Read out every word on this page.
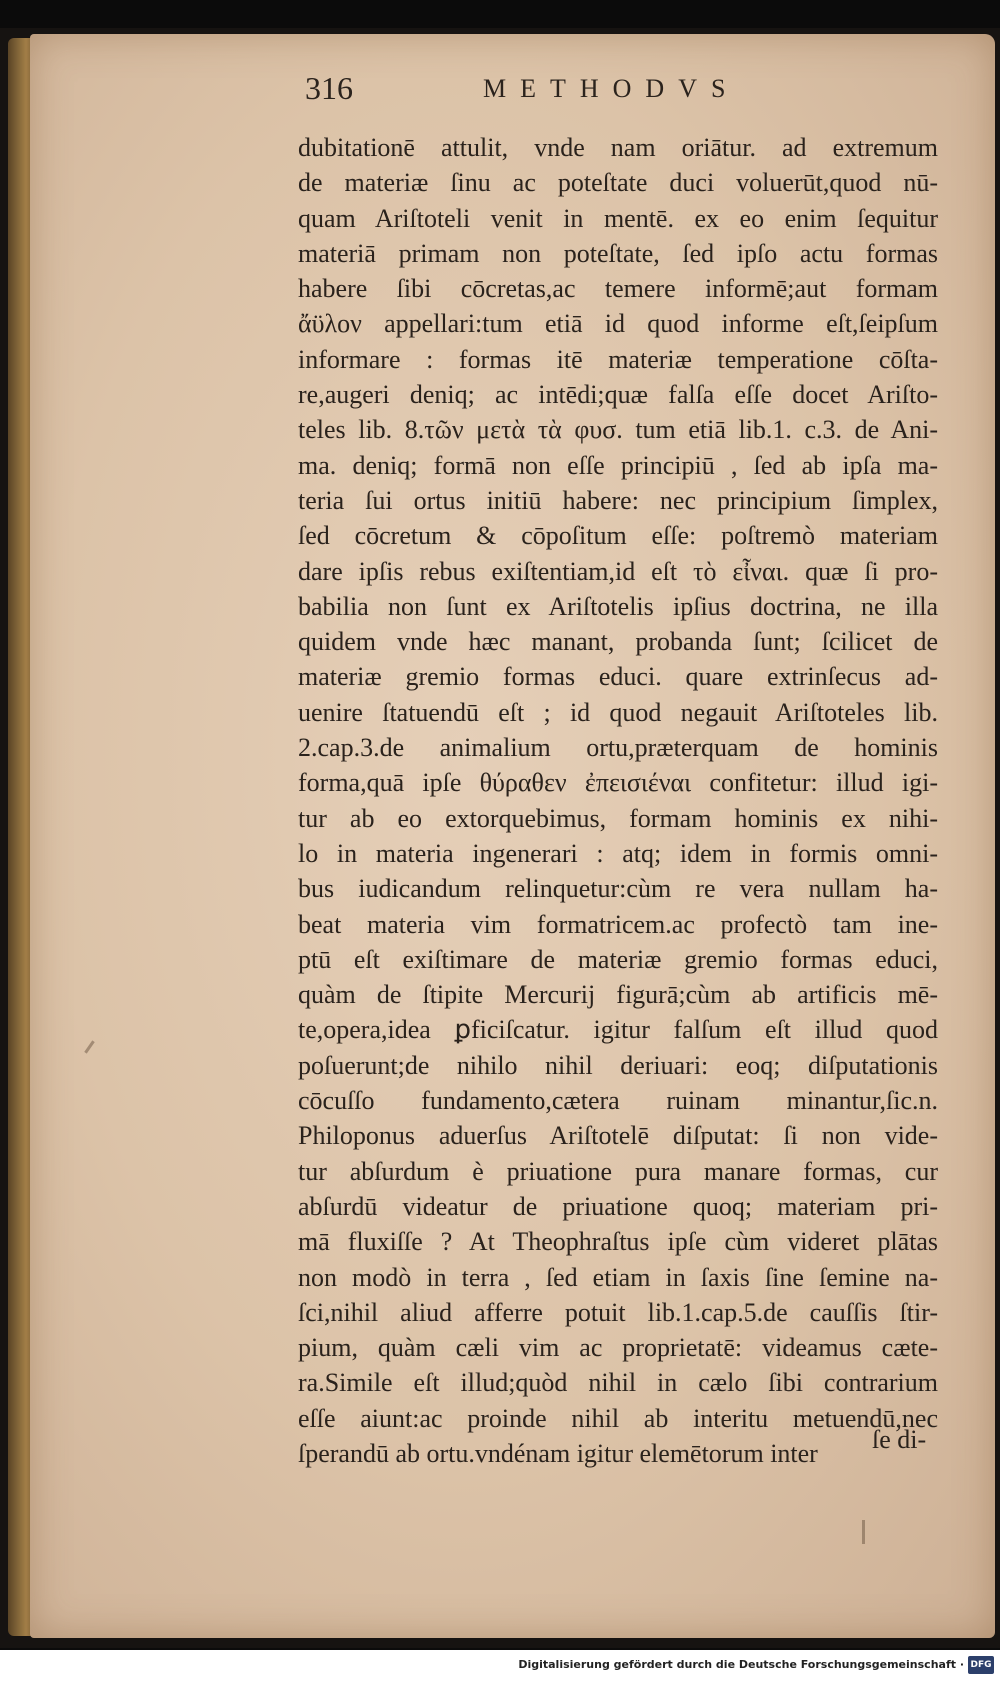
316	METHODVS
dubitationē attulit, vnde nam oriātur. ad extremum
de materiæ ſinu ac poteſtate duci voluerūt,quod nū-
quam Ariſtoteli venit in mentē. ex eo enim ſequitur
materiā primam non poteſtate, ſed ipſo actu formas
habere ſibi cōcretas,ac temere informē;aut formam
ἄϋλον appellari:tum etiā id quod informe eſt,ſeipſum
informare : formas itē materiæ temperatione cōſta-
re,augeri deniq; ac intēdi;quæ falſa eſſe docet Ariſto-
teles lib. 8.τῶν μετὰ τὰ φυσ. tum etiā lib.1. c.3. de Ani-
ma. deniq; formā non eſſe principiū , ſed ab ipſa ma-
teria ſui ortus initiū habere: nec principium ſimplex,
ſed cōcretum & cōpoſitum eſſe: poſtremò materiam
dare ipſis rebus exiſtentiam,id eſt τὸ εἶναι. quæ ſi pro-
babilia non ſunt ex Ariſtotelis ipſius doctrina, ne illa
quidem vnde hæc manant, probanda ſunt; ſcilicet de
materiæ gremio formas educi. quare extrinſecus ad-
uenire ſtatuendū eſt ; id quod negauit Ariſtoteles lib.
2.cap.3.de animalium ortu,præterquam de hominis
forma,quā ipſe θύραθεν ἐπεισιέναι confitetur: illud igi-
tur ab eo extorquebimus, formam hominis ex nihi-
lo in materia ingenerari : atq; idem in formis omni-
bus iudicandum relinquetur:cùm re vera nullam ha-
beat materia vim formatricem.ac profectò tam ine-
ptū eſt exiſtimare de materiæ gremio formas educi,
quàm de ſtipite Mercurij figurā;cùm ab artificis mē-
te,opera,idea ꝑficiſcatur. igitur falſum eſt illud quod
poſuerunt;de nihilo nihil deriuari: eoq; diſputationis
cōcuſſo fundamento,cætera ruinam minantur,ſic.n.
Philoponus aduerſus Ariſtotelē diſputat: ſi non vide-
tur abſurdum è priuatione pura manare formas, cur
abſurdū videatur de priuatione quoq; materiam pri-
mā fluxiſſe ? At Theophraſtus ipſe cùm videret plātas
non modò in terra , ſed etiam in ſaxis ſine ſemine na-
ſci,nihil aliud afferre potuit lib.1.cap.5.de cauſſis ſtir-
pium, quàm cæli vim ac proprietatē: videamus cæte-
ra.Simile eſt illud;quòd nihil in cælo ſibi contrarium
eſſe aiunt:ac proinde nihil ab interitu metuendū,nec
ſperandū ab ortu.vndénam igitur elemētorum inter	ſe di-
Digitalisierung gefördert durch die Deutsche Forschungsgemeinschaft · DFG
